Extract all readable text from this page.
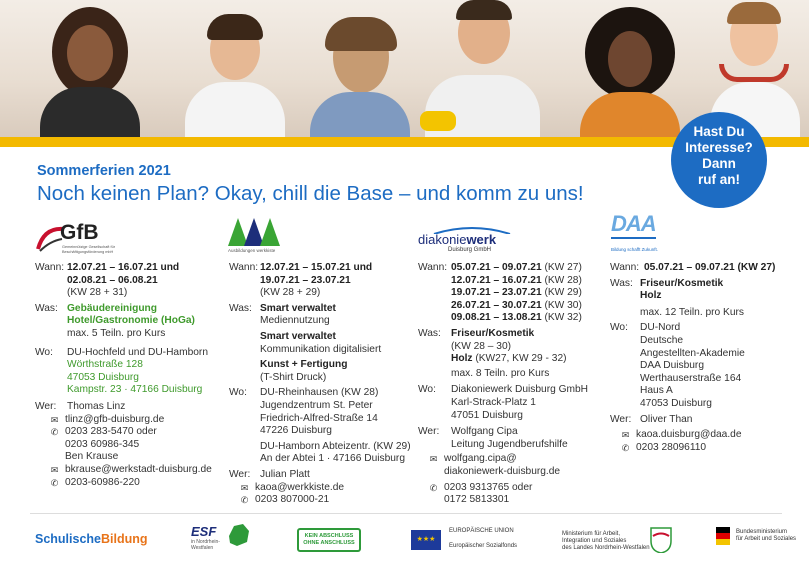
Hast Du
Interesse?
Dann
ruf an!
Sommerferien 2021
Noch keinen Plan? Okay, chill die Base – und komm zu uns!
GfB
Gemeinnützige Gesellschaft für Beschäftigungsförderung mbH	Ausbildungen werkkiste
diakoniewerk
Duisburg GmbH
DAA
Bildung schafft Zukunft.
Wann: 12.07.21 – 16.07.21 und
02.08.21 – 06.08.21
(KW 28 + 31)
Was: Gebäudereinigung
Hotel/Gastronomie (HoGa)
max. 5 Teiln. pro Kurs
Wo:	DU-Hochfeld und DU-Hamborn
Wörthstraße 128
47053 Duisburg
Kampstr. 23 · 47166 Duisburg
Wer:	Thomas Linz
✉ tlinz@gfb-duisburg.de
✆ 0203 283-5470 oder
0203 60986-345
Ben Krause
✉ bkrause@werkstadt-duisburg.de
✆ 0203-60986-220
Wann: 12.07.21 – 15.07.21 und
19.07.21 – 23.07.21
(KW 28 + 29)
Was: Smart verwaltet
Mediennutzung
Smart verwaltet
Kommunikation digitalisiert
Kunst + Fertigung
(T-Shirt Druck)
Wo:	DU-Rheinhausen (KW 28)
Jugendzentrum St. Peter
Friedrich-Alfred-Straße 14
47226 Duisburg
DU-Hamborn Abteizentr. (KW 29)
An der Abtei 1 · 47166 Duisburg
Wer: Julian Platt
✉ kaoa@werkkiste.de
✆ 0203 807000-21
Wann: 05.07.21 – 09.07.21 (KW 27)
12.07.21 – 16.07.21 (KW 28)
19.07.21 – 23.07.21 (KW 29)
26.07.21 – 30.07.21 (KW 30)
09.08.21 – 13.08.21 (KW 32)
Was: Friseur/Kosmetik
(KW 28 – 30)
Holz (KW27, KW 29 - 32)
max. 8 Teiln. pro Kurs
Wo:	Diakoniewerk Duisburg GmbH
Karl-Strack-Platz 1
47051 Duisburg
Wer:	Wolfgang Cipa
Leitung Jugendberufshilfe
✉ wolfgang.cipa@
diakoniewerk-duisburg.de
✆ 0203 9313765 oder
0172 5813301
Wann: 05.07.21 – 09.07.21 (KW 27)
Was: Friseur/Kosmetik
Holz
max. 12 Teiln. pro Kurs
Wo:	DU-Nord
Deutsche
Angestellten-Akademie
DAA Duisburg
Werthauserstraße 164
Haus A
47053 Duisburg
Wer: Oliver Than
✉ kaoa.duisburg@daa.de
✆ 0203 28096110
SchulischeBildung	ESF
in Nordrhein-Westfalen
KEIN ABSCHLUSS
OHNE ANSCHLUSS	★★★
EUROPÄISCHE UNION
Europäischer Sozialfonds
Ministerium für Arbeit,
Integration und Soziales
des Landes Nordrhein-Westfalen
Bundesministerium
für Arbeit und Soziales
